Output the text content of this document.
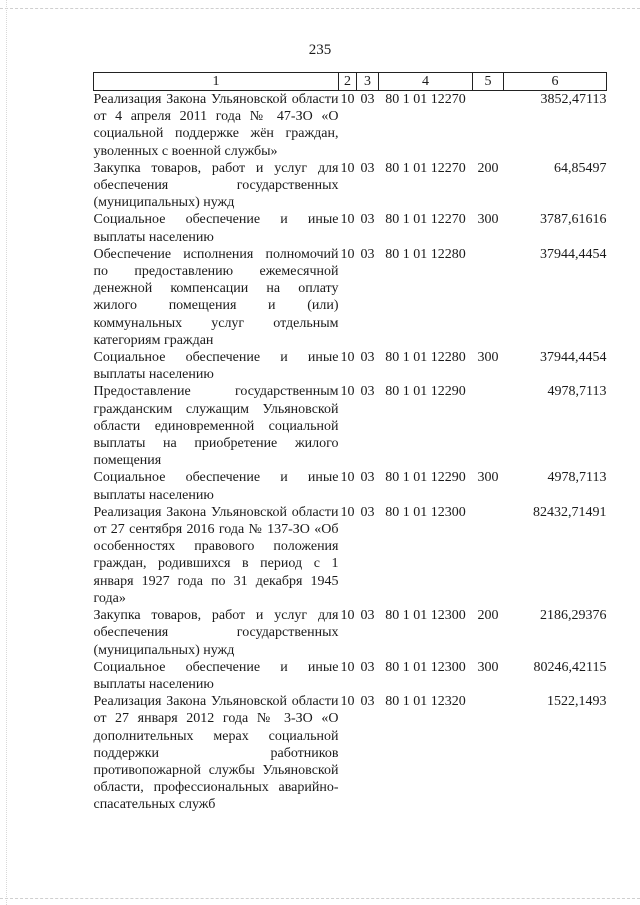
235
1	2	3	4	5	6
Реализация Закона Ульяновской области от 4 апреля 2011 года № 47-ЗО «О социальной поддержке жён граждан, уволенных с военной службы»	10	03	80 1 01 12270		3852,47113
Закупка товаров, работ и услуг для обеспечения государственных (муниципальных) нужд	10	03	80 1 01 12270	200	64,85497
Социальное обеспечение и иные выплаты населению	10	03	80 1 01 12270	300	3787,61616
Обеспечение исполнения полномочий по предоставлению ежемесячной денежной компенсации на оплату жилого помещения и (или) коммунальных услуг отдельным категориям граждан	10	03	80 1 01 12280		37944,4454
Социальное обеспечение и иные выплаты населению	10	03	80 1 01 12280	300	37944,4454
Предоставление государственным гражданским служащим Ульяновской области единовременной социальной выплаты на приобретение жилого помещения	10	03	80 1 01 12290		4978,7113
Социальное обеспечение и иные выплаты населению	10	03	80 1 01 12290	300	4978,7113
Реализация Закона Ульяновской области от 27 сентября 2016 года № 137-ЗО «Об особенностях правового положения граждан, родившихся в период с 1 января 1927 года по 31 декабря 1945 года»	10	03	80 1 01 12300		82432,71491
Закупка товаров, работ и услуг для обеспечения государственных (муниципальных) нужд	10	03	80 1 01 12300	200	2186,29376
Социальное обеспечение и иные выплаты населению	10	03	80 1 01 12300	300	80246,42115
Реализация Закона Ульяновской области от 27 января 2012 года № 3-ЗО «О дополнительных мерах социальной поддержки работников противопожарной службы Ульяновской области, профессиональных аварийно-спасательных служб	10	03	80 1 01 12320		1522,1493
